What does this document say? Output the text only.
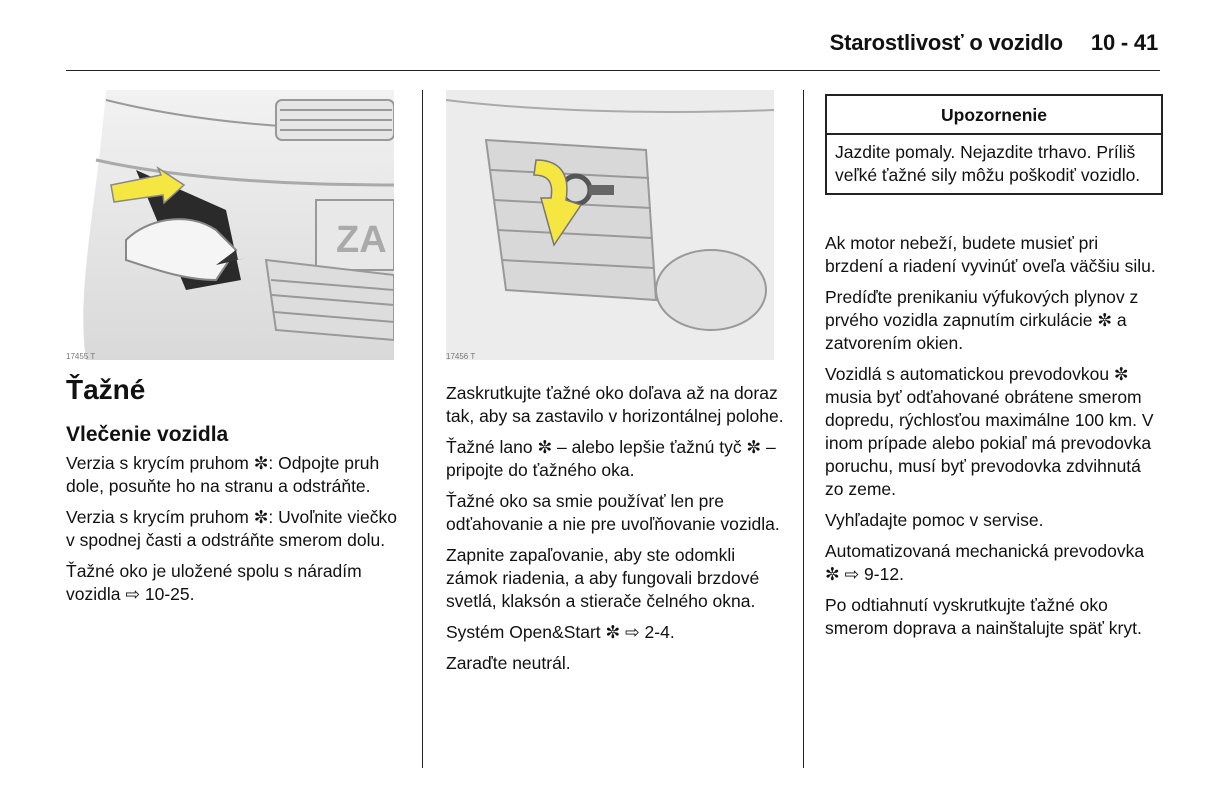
Starostlivosť o vozidlo 10 - 41
ZA
17455 T	17456 T
Ťažné
Vlečenie vozidla

Verzia s krycím pruhom ✼: Odpojte pruh dole, posuňte ho na stranu a odstráňte.

Verzia s krycím pruhom ✼: Uvoľnite viečko v spodnej časti a odstráňte smerom dolu.

Ťažné oko je uložené spolu s náradím vozidla ⇨ 10-25.

Zaskrutkujte ťažné oko doľava až na doraz tak, aby sa zastavilo v horizontálnej polohe.

Ťažné lano ✼ – alebo lepšie ťažnú tyč ✼ – pripojte do ťažného oka.

Ťažné oko sa smie používať len pre odťahovanie a nie pre uvoľňovanie vozidla.

Zapnite zapaľovanie, aby ste odomkli zámok riadenia, a aby fungovali brzdové svetlá, klaksón a stierače čelného okna.

Systém Open&Start ✼ ⇨ 2-4.

Zaraďte neutrál.

Upozornenie
Jazdite pomaly. Nejazdite trhavo. Príliš veľké ťažné sily môžu poškodiť vozidlo.

Ak motor nebeží, budete musieť pri brzdení a riadení vyvinúť oveľa väčšiu silu.

Predíďte prenikaniu výfukových plynov z prvého vozidla zapnutím cirkulácie ✼ a zatvorením okien.

Vozidlá s automatickou prevodovkou ✼ musia byť odťahované obrátene smerom dopredu, rýchlosťou maximálne 100 km. V inom prípade alebo pokiaľ má prevodovka poruchu, musí byť prevodovka zdvihnutá zo zeme.

Vyhľadajte pomoc v servise.

Automatizovaná mechanická prevodovka ✼ ⇨ 9-12.

Po odtiahnutí vyskrutkujte ťažné oko smerom doprava a nainštalujte späť kryt.
